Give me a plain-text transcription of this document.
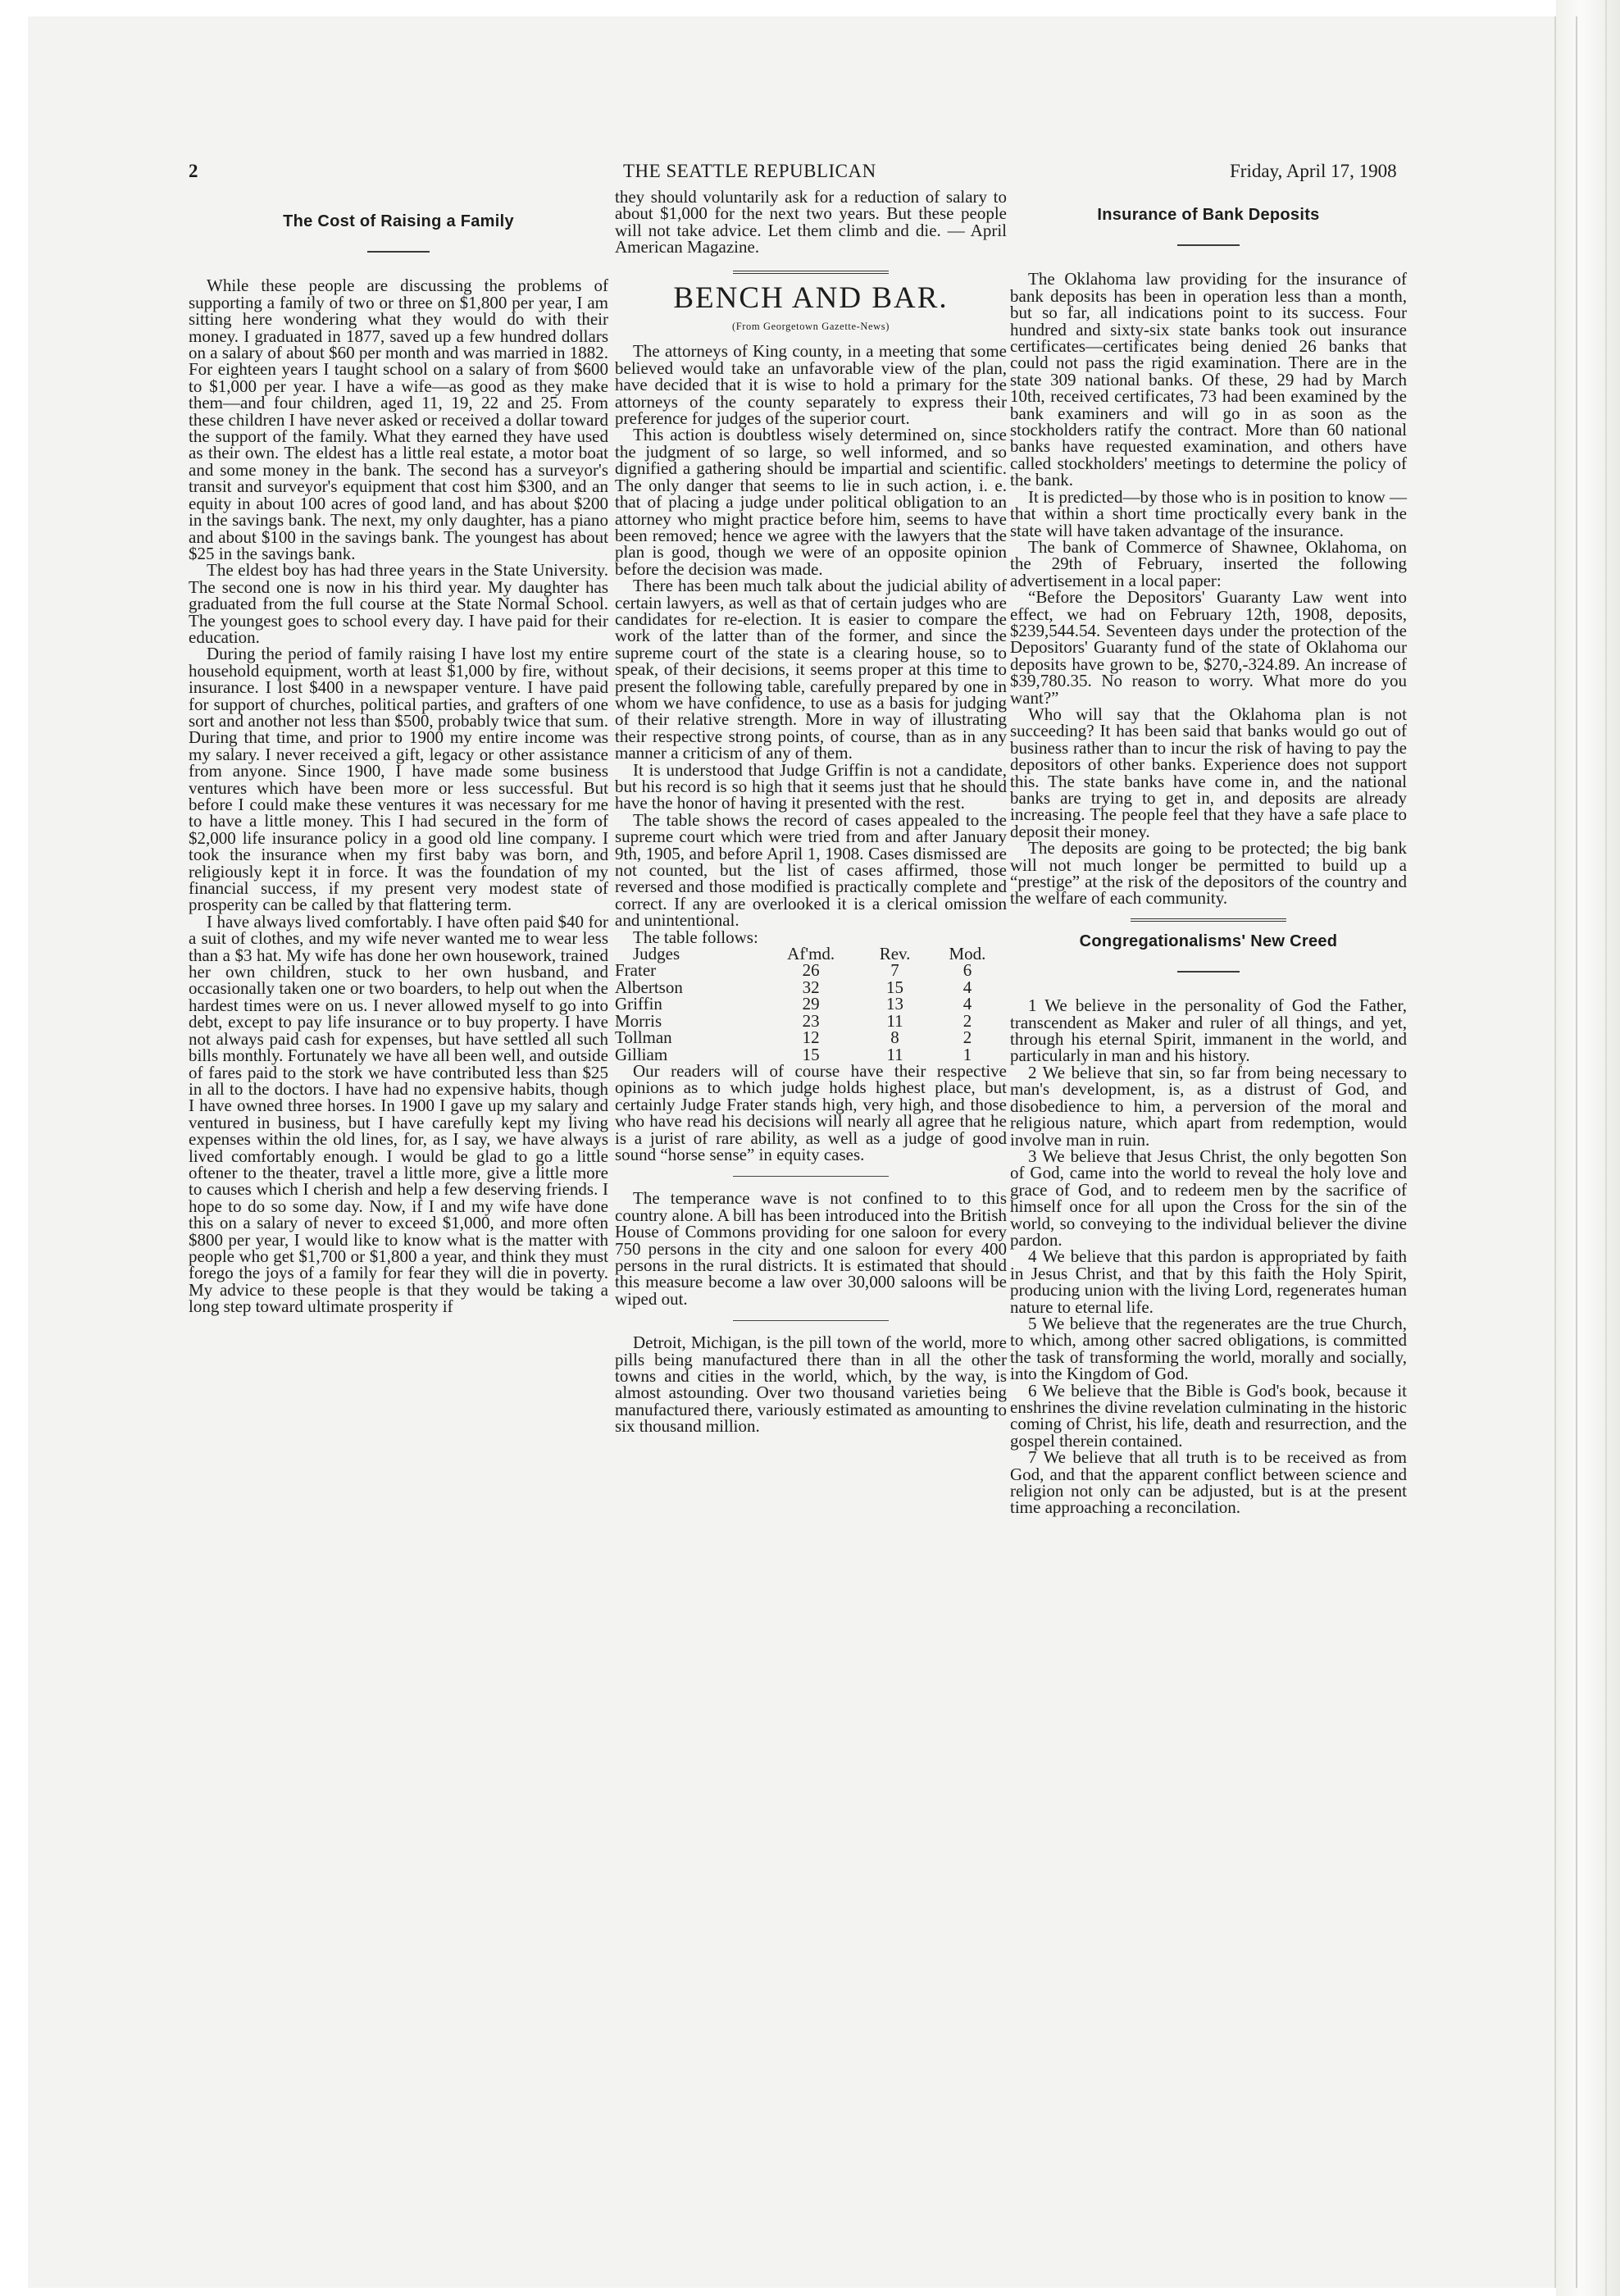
2	THE SEATTLE REPUBLICAN	Friday, April 17, 1908
The Cost of Raising a Family

While these people are discussing the problems of supporting a family of two or three on $1,800 per year, I am sitting here wondering what they would do with their money. I graduated in 1877, saved up a few hundred dollars on a salary of about $60 per month and was married in 1882. For eighteen years I taught school on a salary of from $600 to $1,000 per year. I have a wife—as good as they make them—and four children, aged 11, 19, 22 and 25. From these children I have never asked or received a dollar toward the support of the family. What they earned they have used as their own. The eldest has a little real estate, a motor boat and some money in the bank. The second has a surveyor's transit and surveyor's equipment that cost him $300, and an equity in about 100 acres of good land, and has about $200 in the savings bank. The next, my only daughter, has a piano and about $100 in the savings bank. The youngest has about $25 in the savings bank.

The eldest boy has had three years in the State University. The second one is now in his third year. My daughter has graduated from the full course at the State Normal School. The youngest goes to school every day. I have paid for their education.

During the period of family raising I have lost my entire household equipment, worth at least $1,000 by fire, without insurance. I lost $400 in a newspaper venture. I have paid for support of churches, political parties, and grafters of one sort and another not less than $500, probably twice that sum. During that time, and prior to 1900 my entire income was my salary. I never received a gift, legacy or other assistance from anyone. Since 1900, I have made some business ventures which have been more or less successful. But before I could make these ventures it was necessary for me to have a little money. This I had secured in the form of $2,000 life insurance policy in a good old line company. I took the insurance when my first baby was born, and religiously kept it in force. It was the foundation of my financial success, if my present very modest state of prosperity can be called by that flattering term.

I have always lived comfortably. I have often paid $40 for a suit of clothes, and my wife never wanted me to wear less than a $3 hat. My wife has done her own housework, trained her own children, stuck to her own husband, and occasionally taken one or two boarders, to help out when the hardest times were on us. I never allowed myself to go into debt, except to pay life insurance or to buy property. I have not always paid cash for expenses, but have settled all such bills monthly. Fortunately we have all been well, and outside of fares paid to the stork we have contributed less than $25 in all to the doctors. I have had no expensive habits, though I have owned three horses. In 1900 I gave up my salary and ventured in business, but I have carefully kept my living expenses within the old lines, for, as I say, we have always lived comfortably enough. I would be glad to go a little oftener to the theater, travel a little more, give a little more to causes which I cherish and help a few deserving friends. I hope to do so some day. Now, if I and my wife have done this on a salary of never to exceed $1,000, and more often $800 per year, I would like to know what is the matter with people who get $1,700 or $1,800 a year, and think they must forego the joys of a family for fear they will die in poverty. My advice to these people is that they would be taking a long step toward ultimate prosperity if

they should voluntarily ask for a reduction of salary to about $1,000 for the next two years. But these people will not take advice. Let them climb and die. — April American Magazine.

BENCH AND BAR.
(From Georgetown Gazette-News)

The attorneys of King county, in a meeting that some believed would take an unfavorable view of the plan, have decided that it is wise to hold a primary for the attorneys of the county separately to express their preference for judges of the superior court.

This action is doubtless wisely determined on, since the judgment of so large, so well informed, and so dignified a gathering should be impartial and scientific. The only danger that seems to lie in such action, i. e. that of placing a judge under political obligation to an attorney who might practice before him, seems to have been removed; hence we agree with the lawyers that the plan is good, though we were of an opposite opinion before the decision was made.

There has been much talk about the judicial ability of certain lawyers, as well as that of certain judges who are candidates for re-election. It is easier to compare the work of the latter than of the former, and since the supreme court of the state is a clearing house, so to speak, of their decisions, it seems proper at this time to present the following table, carefully prepared by one in whom we have confidence, to use as a basis for judging of their relative strength. More in way of illustrating their respective strong points, of course, than as in any manner a criticism of any of them.

It is understood that Judge Griffin is not a candidate, but his record is so high that it seems just that he should have the honor of having it presented with the rest.

The table shows the record of cases appealed to the supreme court which were tried from and after January 9th, 1905, and before April 1, 1908. Cases dismissed are not counted, but the list of cases affirmed, those reversed and those modified is practically complete and correct. If any are overlooked it is a clerical omission and unintentional.

The table follows:

Judges	Af'md.	Rev.	Mod.
Frater	26	7	6
Albertson	32	15	4
Griffin	29	13	4
Morris	23	11	2
Tollman	12	8	2
Gilliam	15	11	1

Our readers will of course have their respective opinions as to which judge holds highest place, but certainly Judge Frater stands high, very high, and those who have read his decisions will nearly all agree that he is a jurist of rare ability, as well as a judge of good sound “horse sense” in equity cases.

The temperance wave is not confined to to this country alone. A bill has been introduced into the British House of Commons providing for one saloon for every 750 persons in the city and one saloon for every 400 persons in the rural districts. It is estimated that should this measure become a law over 30,000 saloons will be wiped out.

Detroit, Michigan, is the pill town of the world, more pills being manufactured there than in all the other towns and cities in the world, which, by the way, is almost astounding. Over two thousand varieties being manufactured there, variously estimated as amounting to six thousand million.

Insurance of Bank Deposits

The Oklahoma law providing for the insurance of bank deposits has been in operation less than a month, but so far, all indications point to its success. Four hundred and sixty-six state banks took out insurance certificates—certificates being denied 26 banks that could not pass the rigid examination. There are in the state 309 national banks. Of these, 29 had by March 10th, received certificates, 73 had been examined by the bank examiners and will go in as soon as the stockholders ratify the contract. More than 60 national banks have requested examination, and others have called stockholders' meetings to determine the policy of the bank.

It is predicted—by those who is in position to know — that within a short time proctically every bank in the state will have taken advantage of the insurance.

The bank of Commerce of Shawnee, Oklahoma, on the 29th of February, inserted the following advertisement in a local paper:

“Before the Depositors' Guaranty Law went into effect, we had on February 12th, 1908, deposits, $239,544.54. Seventeen days under the protection of the Depositors' Guaranty fund of the state of Oklahoma our deposits have grown to be, $270,-324.89. An increase of $39,780.35. No reason to worry. What more do you want?”

Who will say that the Oklahoma plan is not succeeding? It has been said that banks would go out of business rather than to incur the risk of having to pay the depositors of other banks. Experience does not support this. The state banks have come in, and the national banks are trying to get in, and deposits are already increasing. The people feel that they have a safe place to deposit their money.

The deposits are going to be protected; the big bank will not much longer be permitted to build up a “prestige” at the risk of the depositors of the country and the welfare of each community.

Congregationalisms' New Creed

1 We believe in the personality of God the Father, transcendent as Maker and ruler of all things, and yet, through his eternal Spirit, immanent in the world, and particularly in man and his history.

2 We believe that sin, so far from being necessary to man's development, is, as a distrust of God, and disobedience to him, a perversion of the moral and religious nature, which apart from redemption, would involve man in ruin.

3 We believe that Jesus Christ, the only begotten Son of God, came into the world to reveal the holy love and grace of God, and to redeem men by the sacrifice of himself once for all upon the Cross for the sin of the world, so conveying to the individual believer the divine pardon.

4 We believe that this pardon is appropriated by faith in Jesus Christ, and that by this faith the Holy Spirit, producing union with the living Lord, regenerates human nature to eternal life.

5 We believe that the regenerates are the true Church, to which, among other sacred obligations, is committed the task of transforming the world, morally and socially, into the Kingdom of God.

6 We believe that the Bible is God's book, because it enshrines the divine revelation culminating in the historic coming of Christ, his life, death and resurrection, and the gospel therein contained.

7 We believe that all truth is to be received as from God, and that the apparent conflict between science and religion not only can be adjusted, but is at the present time approaching a reconcilation.
